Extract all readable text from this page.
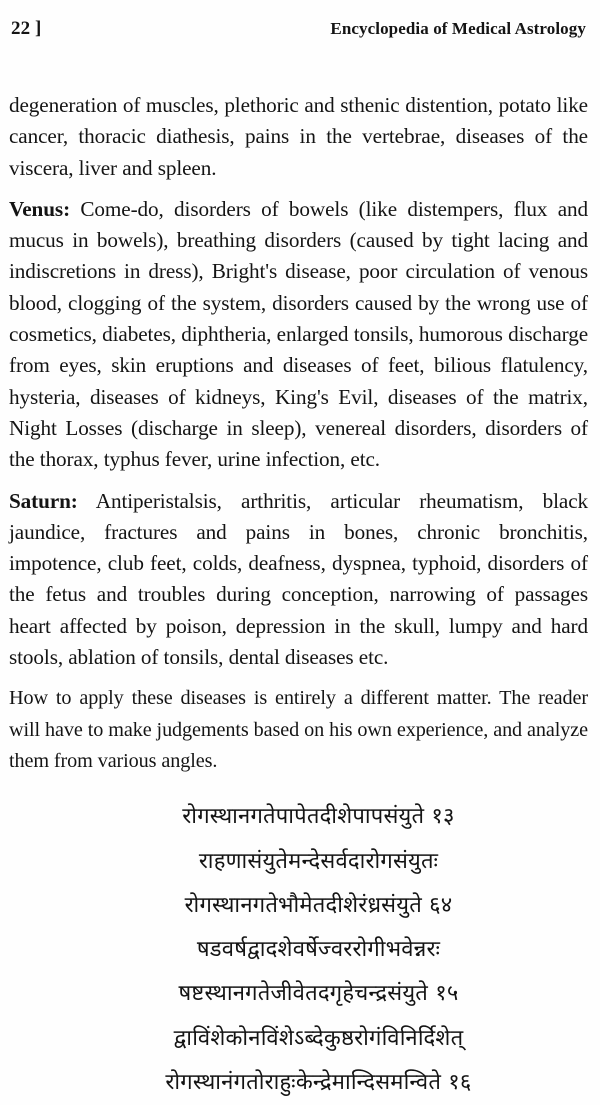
22 ]	Encyclopedia of Medical Astrology

degeneration of muscles, plethoric and sthenic distention, potato like cancer, thoracic diathesis, pains in the vertebrae, diseases of the viscera, liver and spleen.

Venus: Come-do, disorders of bowels (like distempers, flux and mucus in bowels), breathing disorders (caused by tight lacing and indiscretions in dress), Bright's disease, poor circulation of venous blood, clogging of the system, disorders caused by the wrong use of cosmetics, diabetes, diphtheria, enlarged tonsils, humorous discharge from eyes, skin eruptions and diseases of feet, bilious flatulency, hysteria, diseases of kidneys, King's Evil, diseases of the matrix, Night Losses (discharge in sleep), venereal disorders, disorders of the thorax, typhus fever, urine infection, etc.

Saturn: Antiperistalsis, arthritis, articular rheumatism, black jaundice, fractures and pains in bones, chronic bronchitis, impotence, club feet, colds, deafness, dyspnea, typhoid, disorders of the fetus and troubles during conception, narrowing of passages heart affected by poison, depression in the skull, lumpy and hard stools, ablation of tonsils, dental diseases etc.

How to apply these diseases is entirely a different matter. The reader will have to make judgements based on his own experience, and analyze them from various angles.

रोगस्थानगतेपापेतदीशेपापसंयुते १३
राहणासंयुतेमन्देसर्वदारोगसंयुतः
रोगस्थानगतेभौमेतदीशेरंध्रसंयुते ६४
षडवर्षद्वादशेवर्षेज्वररोगीभवेन्नरः
षष्टस्थानगतेजीवेतदगृहेचन्द्रसंयुते १५
द्वाविंशेकोनविंशेऽब्देकुष्ठरोगंविनिर्दिशेत्
रोगस्थानंगतोराहुःकेन्द्रेमान्दिसमन्विते १६
